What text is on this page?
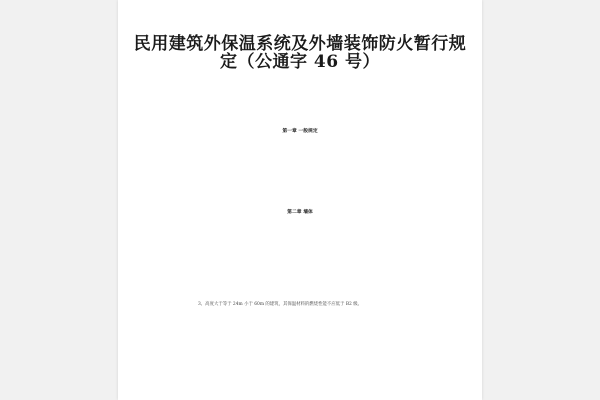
民用建筑外保温系统及外墙装饰防火暂行规
定（公通字 46 号）
第一章 一般规定
第二章 墙体
3、高度大于等于 24m 小于 60m 的建筑，其保温材料的燃烧性能不应低于 B2 级。
